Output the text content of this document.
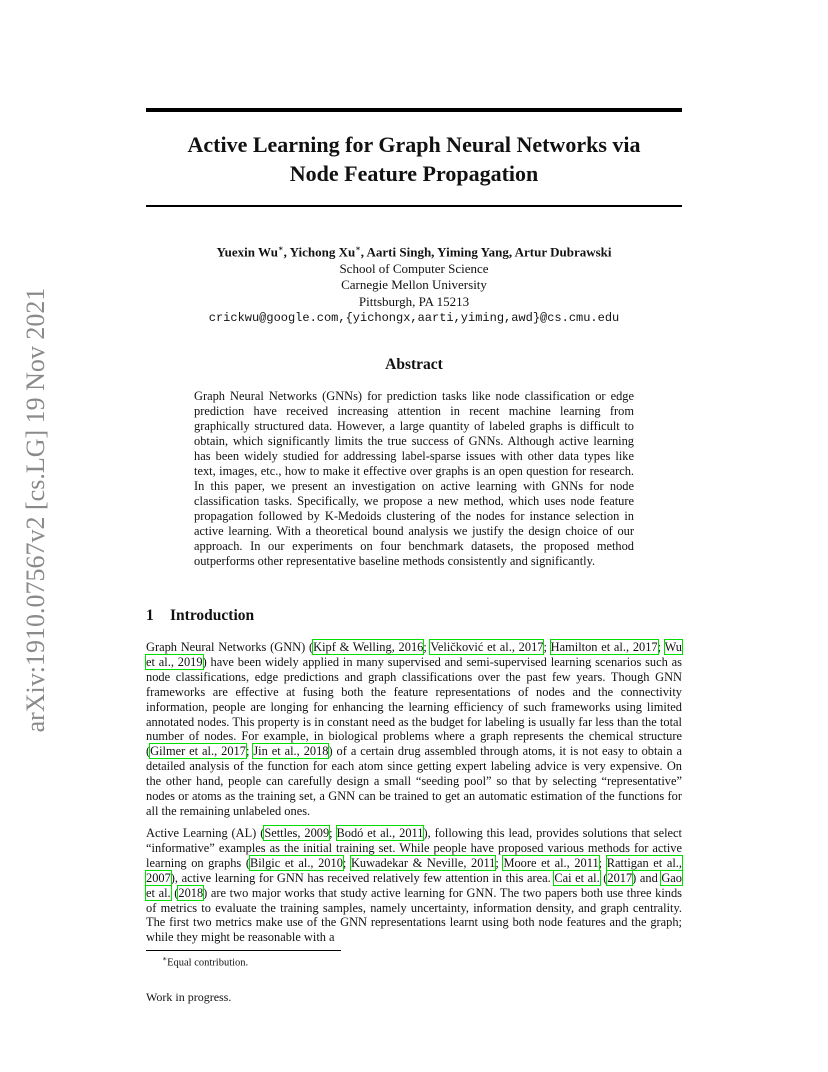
arXiv:1910.07567v2 [cs.LG] 19 Nov 2021
Active Learning for Graph Neural Networks via
Node Feature Propagation
Yuexin Wu∗, Yichong Xu∗, Aarti Singh, Yiming Yang, Artur Dubrawski
School of Computer Science
Carnegie Mellon University
Pittsburgh, PA 15213
crickwu@google.com,{yichongx,aarti,yiming,awd}@cs.cmu.edu
Abstract

Graph Neural Networks (GNNs) for prediction tasks like node classification or edge prediction have received increasing attention in recent machine learning from graphically structured data. However, a large quantity of labeled graphs is difficult to obtain, which significantly limits the true success of GNNs. Although active learning has been widely studied for addressing label-sparse issues with other data types like text, images, etc., how to make it effective over graphs is an open question for research. In this paper, we present an investigation on active learning with GNNs for node classification tasks. Specifically, we propose a new method, which uses node feature propagation followed by K-Medoids clustering of the nodes for instance selection in active learning. With a theoretical bound analysis we justify the design choice of our approach. In our experiments on four benchmark datasets, the proposed method outperforms other representative baseline methods consistently and significantly.

1 Introduction

Graph Neural Networks (GNN) (Kipf & Welling, 2016; Veličković et al., 2017; Hamilton et al., 2017; Wu et al., 2019) have been widely applied in many supervised and semi-supervised learning scenarios such as node classifications, edge predictions and graph classifications over the past few years. Though GNN frameworks are effective at fusing both the feature representations of nodes and the connectivity information, people are longing for enhancing the learning efficiency of such frameworks using limited annotated nodes. This property is in constant need as the budget for labeling is usually far less than the total number of nodes. For example, in biological problems where a graph represents the chemical structure (Gilmer et al., 2017; Jin et al., 2018) of a certain drug assembled through atoms, it is not easy to obtain a detailed analysis of the function for each atom since getting expert labeling advice is very expensive. On the other hand, people can carefully design a small “seeding pool” so that by selecting “representative” nodes or atoms as the training set, a GNN can be trained to get an automatic estimation of the functions for all the remaining unlabeled ones.

Active Learning (AL) (Settles, 2009; Bodó et al., 2011), following this lead, provides solutions that select “informative” examples as the initial training set. While people have proposed various methods for active learning on graphs (Bilgic et al., 2010; Kuwadekar & Neville, 2011; Moore et al., 2011; Rattigan et al., 2007), active learning for GNN has received relatively few attention in this area. Cai et al. (2017) and Gao et al. (2018) are two major works that study active learning for GNN. The two papers both use three kinds of metrics to evaluate the training samples, namely uncertainty, information density, and graph centrality. The first two metrics make use of the GNN representations learnt using both node features and the graph; while they might be reasonable with a

∗Equal contribution.
Work in progress.
